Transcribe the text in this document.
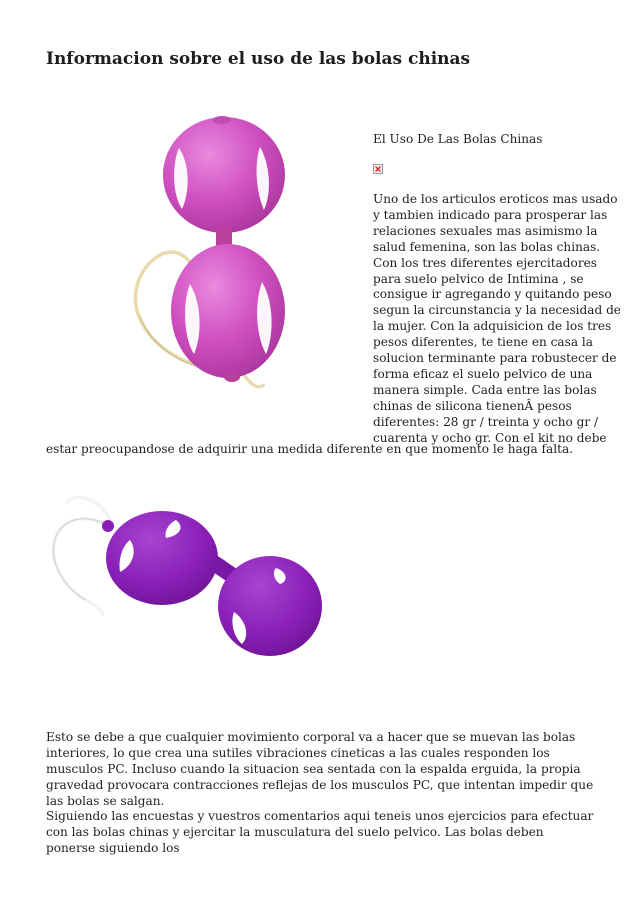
Informacion sobre el uso de las bolas chinas

El Uso De Las Bolas Chinas

Uno de los articulos eroticos mas usado
y tambien indicado para prosperar las
relaciones sexuales mas asimismo la
salud femenina, son las bolas chinas.
Con los tres diferentes ejercitadores
para suelo pelvico de Intimina , se
consigue ir agregando y quitando peso
segun la circunstancia y la necesidad de
la mujer. Con la adquisicion de los tres
pesos diferentes, te tiene en casa la
solucion terminante para robustecer de
forma eficaz el suelo pelvico de una
manera simple. Cada entre las bolas
chinas de silicona tienenÂ pesos
diferentes: 28 gr / treinta y ocho gr /
cuarenta y ocho gr. Con el kit no debe

estar preocupandose de adquirir una medida diferente en que momento le haga falta.

Esto se debe a que cualquier movimiento corporal va a hacer que se muevan las bolas interiores, lo que crea una sutiles vibraciones cineticas a las cuales responden los musculos PC. Incluso cuando la situacion sea sentada con la espalda erguida, la propia gravedad provocara contracciones reflejas de los musculos PC, que intentan impedir que las bolas se salgan.

Siguiendo las encuestas y vuestros comentarios aqui teneis unos ejercicios para efectuar con las bolas chinas y ejercitar la musculatura del suelo pelvico. Las bolas deben ponerse siguiendo los
